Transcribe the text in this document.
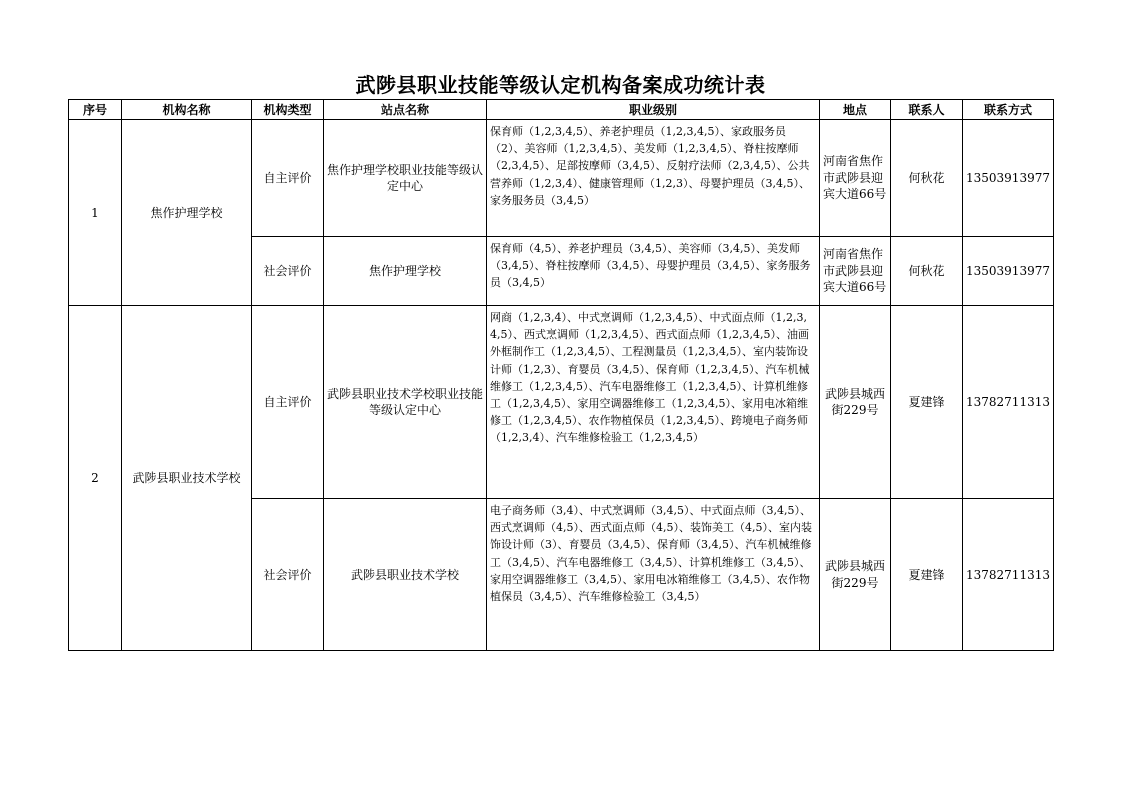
武陟县职业技能等级认定机构备案成功统计表
序号	机构名称	机构类型	站点名称	职业级别	地点	联系人	联系方式
1	焦作护理学校	自主评价	焦作护理学校职业技能等级认定中心	保育师（1,2,3,4,5）、养老护理员（1,2,3,4,5）、家政服务员（2）、美容师（1,2,3,4,5）、美发师（1,2,3,4,5）、脊柱按摩师（2,3,4,5）、足部按摩师（3,4,5）、反射疗法师（2,3,4,5）、公共营养师（1,2,3,4）、健康管理师（1,2,3）、母婴护理员（3,4,5）、家务服务员（3,4,5）	河南省焦作市武陟县迎宾大道66号	何秋花	13503913977
		社会评价	焦作护理学校	保育师（4,5）、养老护理员（3,4,5）、美容师（3,4,5）、美发师（3,4,5）、脊柱按摩师（3,4,5）、母婴护理员（3,4,5）、家务服务员（3,4,5）	河南省焦作市武陟县迎宾大道66号	何秋花	13503913977
2	武陟县职业技术学校	自主评价	武陟县职业技术学校职业技能等级认定中心	网商（1,2,3,4）、中式烹调师（1,2,3,4,5）、中式面点师（1,2,3,4,5）、西式烹调师（1,2,3,4,5）、西式面点师（1,2,3,4,5）、油画外框制作工（1,2,3,4,5）、工程测量员（1,2,3,4,5）、室内装饰设计师（1,2,3）、育婴员（3,4,5）、保育师（1,2,3,4,5）、汽车机械维修工（1,2,3,4,5）、汽车电器维修工（1,2,3,4,5）、计算机维修工（1,2,3,4,5）、家用空调器维修工（1,2,3,4,5）、家用电冰箱维修工（1,2,3,4,5）、农作物植保员（1,2,3,4,5）、跨境电子商务师（1,2,3,4）、汽车维修检验工（1,2,3,4,5）	武陟县城西街229号	夏建锋	13782711313
		社会评价	武陟县职业技术学校	电子商务师（3,4）、中式烹调师（3,4,5）、中式面点师（3,4,5）、西式烹调师（4,5）、西式面点师（4,5）、装饰美工（4,5）、室内装饰设计师（3）、育婴员（3,4,5）、保育师（3,4,5）、汽车机械维修工（3,4,5）、汽车电器维修工（3,4,5）、计算机维修工（3,4,5）、家用空调器维修工（3,4,5）、家用电冰箱维修工（3,4,5）、农作物植保员（3,4,5）、汽车维修检验工（3,4,5）	武陟县城西街229号	夏建锋	13782711313
